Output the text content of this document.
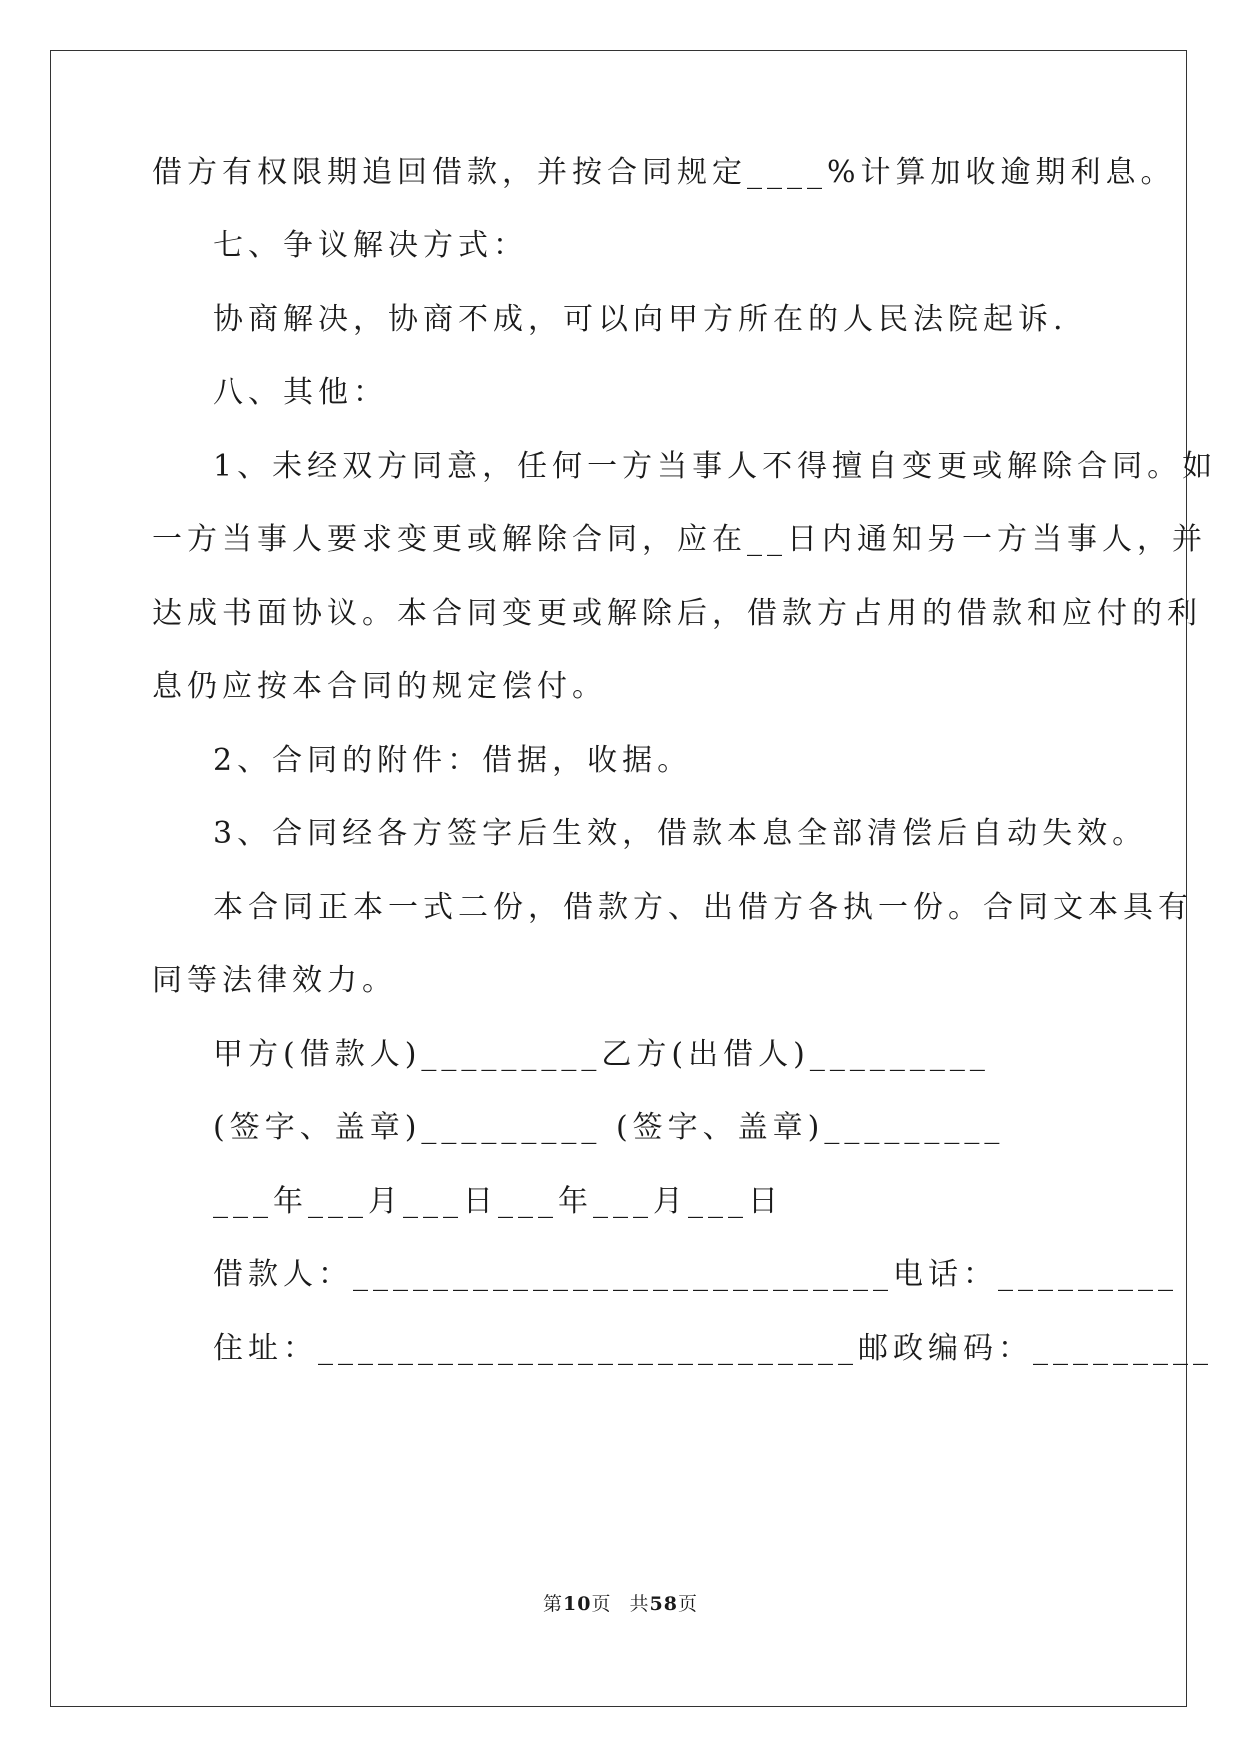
借方有权限期追回借款，并按合同规定____%计算加收逾期利息。
七、争议解决方式：
协商解决，协商不成，可以向甲方所在的人民法院起诉.
八、其他：
1、未经双方同意，任何一方当事人不得擅自变更或解除合同。如
一方当事人要求变更或解除合同，应在__日内通知另一方当事人，并
达成书面协议。本合同变更或解除后，借款方占用的借款和应付的利
息仍应按本合同的规定偿付。
2、合同的附件：借据，收据。
3、合同经各方签字后生效，借款本息全部清偿后自动失效。
本合同正本一式二份，借款方、出借方各执一份。合同文本具有
同等法律效力。
甲方(借款人)_________乙方(出借人)_________
(签字、盖章)_________ (签字、盖章)_________
___年___月___日___年___月___日
借款人：___________________________电话：_________
住址：___________________________邮政编码：_________
第10页 共58页
